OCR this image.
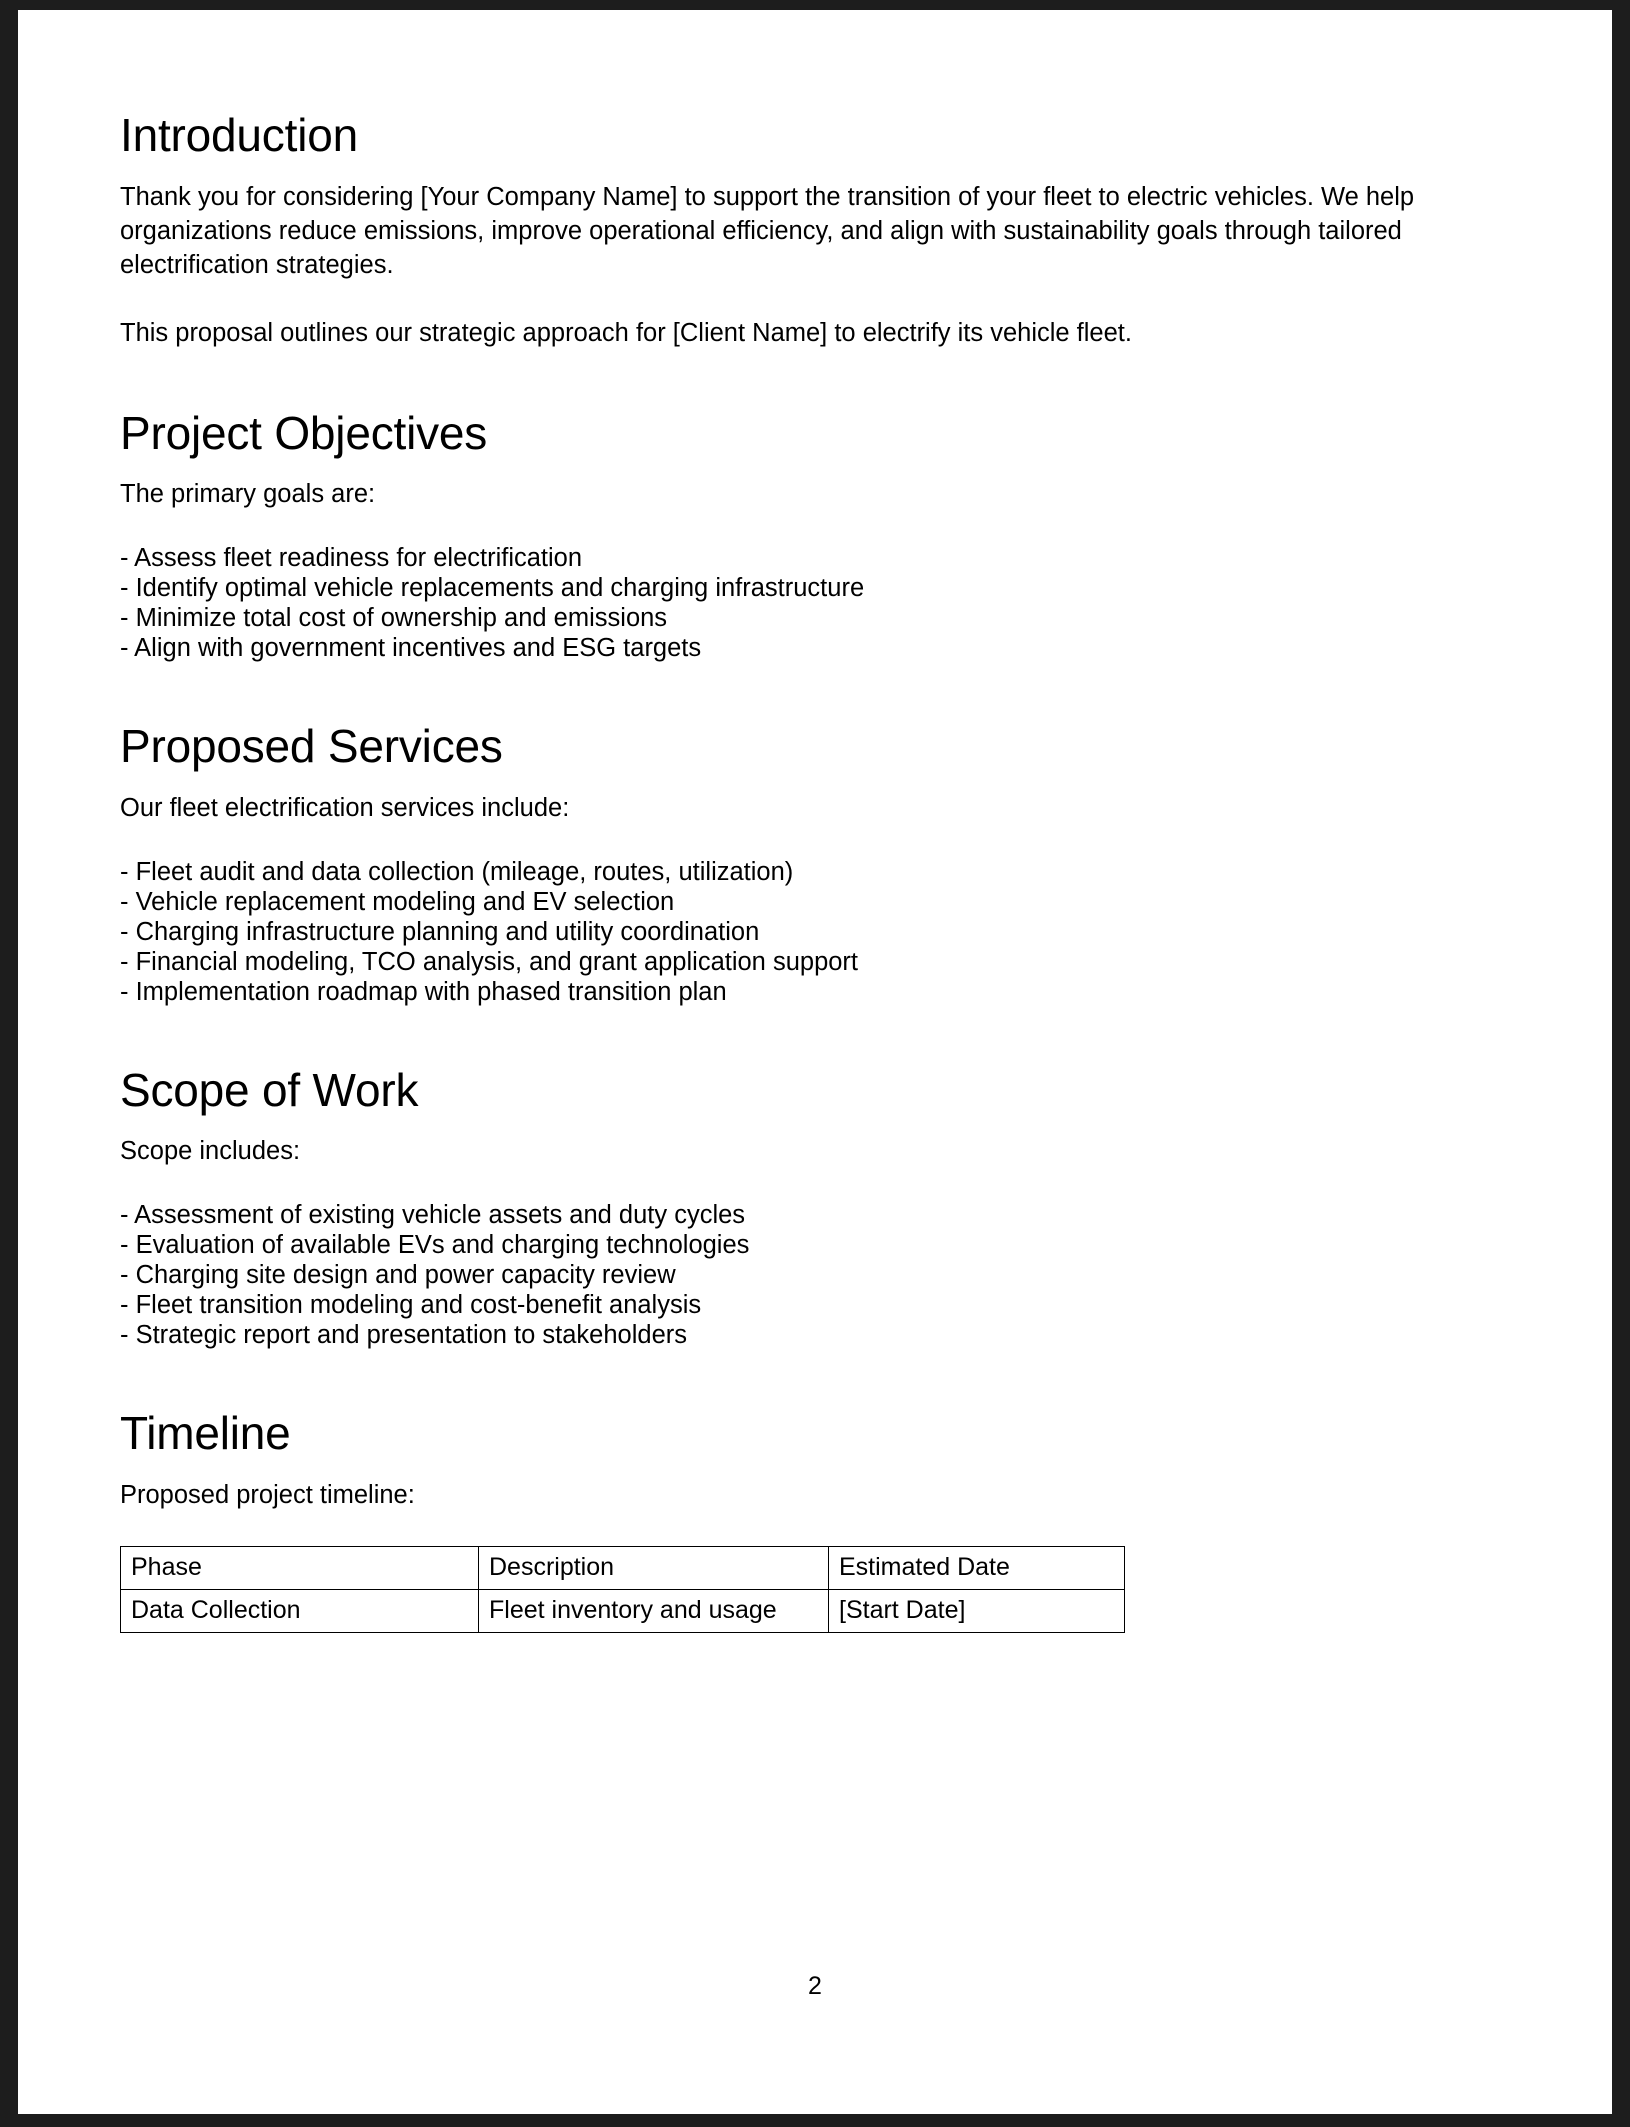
Introduction

Thank you for considering [Your Company Name] to support the transition of your fleet to electric vehicles. We help organizations reduce emissions, improve operational efficiency, and align with sustainability goals through tailored electrification strategies.

This proposal outlines our strategic approach for [Client Name] to electrify its vehicle fleet.

Project Objectives

The primary goals are:

- Assess fleet readiness for electrification
- Identify optimal vehicle replacements and charging infrastructure
- Minimize total cost of ownership and emissions
- Align with government incentives and ESG targets
Proposed Services

Our fleet electrification services include:

- Fleet audit and data collection (mileage, routes, utilization)
- Vehicle replacement modeling and EV selection
- Charging infrastructure planning and utility coordination
- Financial modeling, TCO analysis, and grant application support
- Implementation roadmap with phased transition plan
Scope of Work

Scope includes:

- Assessment of existing vehicle assets and duty cycles
- Evaluation of available EVs and charging technologies
- Charging site design and power capacity review
- Fleet transition modeling and cost-benefit analysis
- Strategic report and presentation to stakeholders
Timeline

Proposed project timeline:

Phase	Description	Estimated Date
Data Collection	Fleet inventory and usage	[Start Date]
2
